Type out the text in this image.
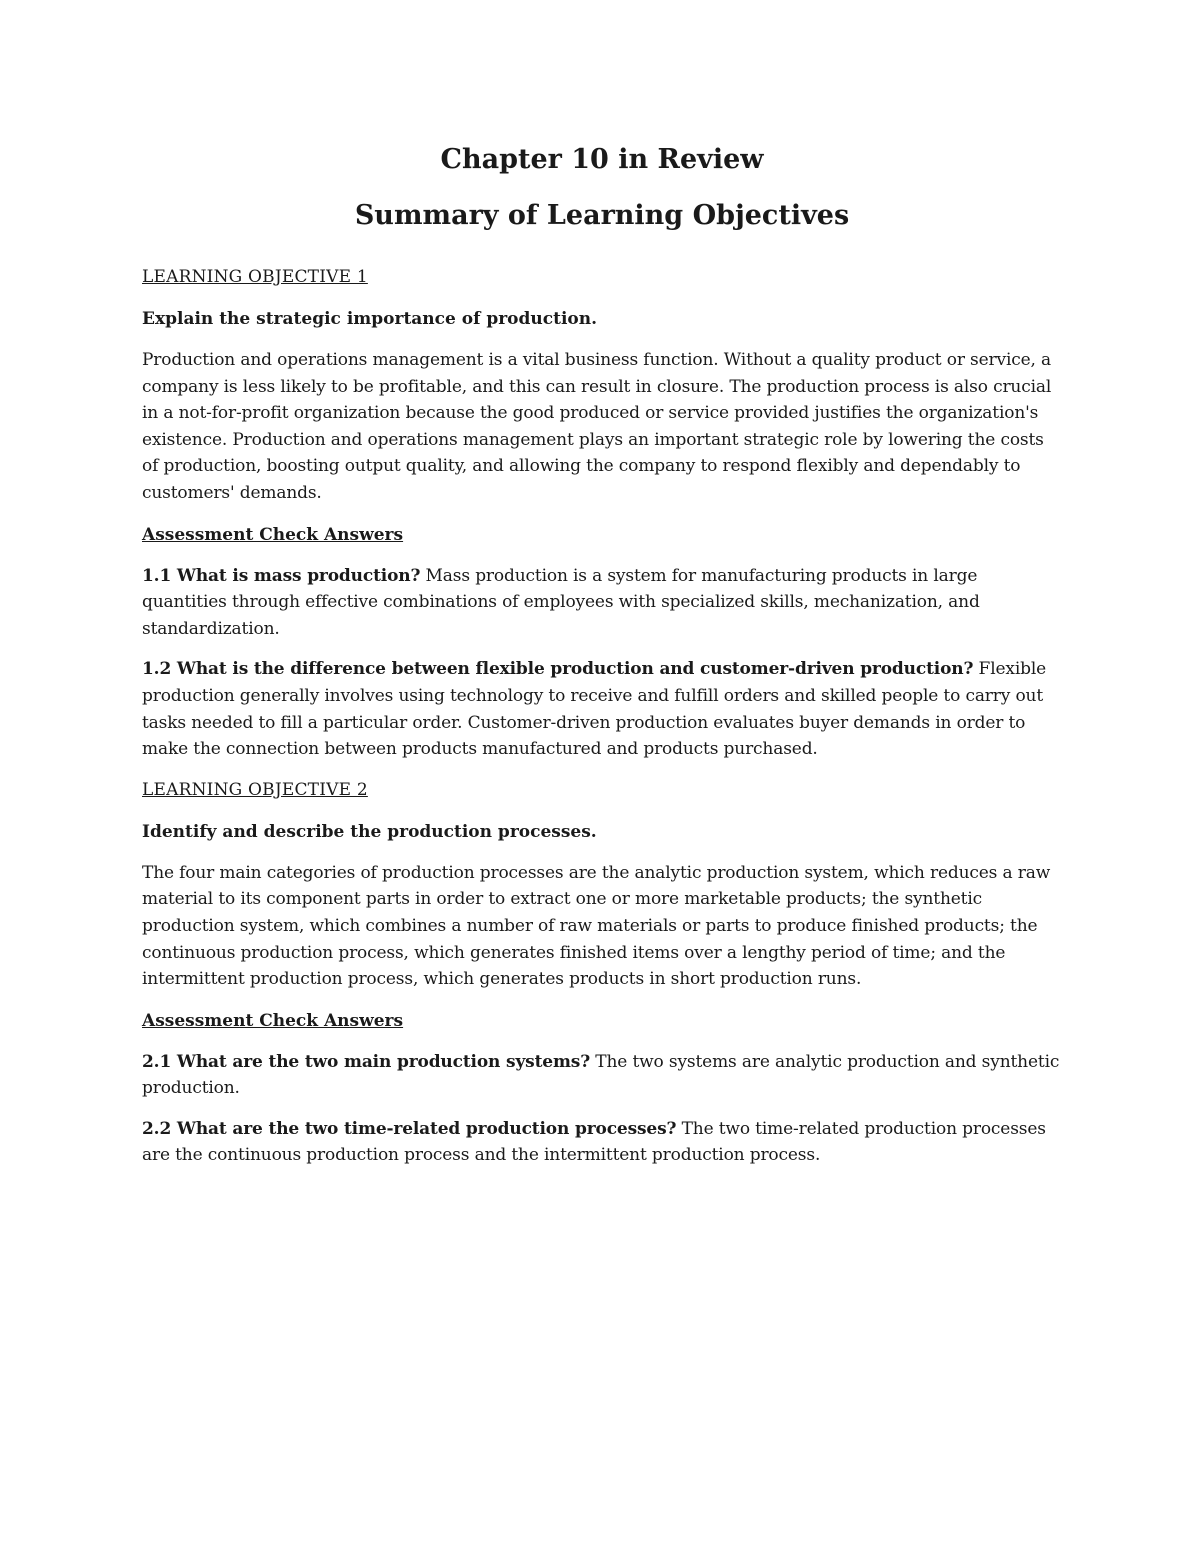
Chapter 10 in Review
Summary of Learning Objectives

LEARNING OBJECTIVE 1

Explain the strategic importance of production.

Production and operations management is a vital business function. Without a quality product or service, a company is less likely to be profitable, and this can result in closure. The production process is also crucial in a not-for-profit organization because the good produced or service provided justifies the organization's existence. Production and operations management plays an important strategic role by lowering the costs of production, boosting output quality, and allowing the company to respond flexibly and dependably to customers' demands.

Assessment Check Answers

1.1 What is mass production? Mass production is a system for manufacturing products in large quantities through effective combinations of employees with specialized skills, mechanization, and standardization.

1.2 What is the difference between flexible production and customer-driven production? Flexible production generally involves using technology to receive and fulfill orders and skilled people to carry out tasks needed to fill a particular order. Customer-driven production evaluates buyer demands in order to make the connection between products manufactured and products purchased.

LEARNING OBJECTIVE 2

Identify and describe the production processes.

The four main categories of production processes are the analytic production system, which reduces a raw material to its component parts in order to extract one or more marketable products; the synthetic production system, which combines a number of raw materials or parts to produce finished products; the continuous production process, which generates finished items over a lengthy period of time; and the intermittent production process, which generates products in short production runs.

Assessment Check Answers

2.1 What are the two main production systems? The two systems are analytic production and synthetic production.

2.2 What are the two time-related production processes? The two time-related production processes are the continuous production process and the intermittent production process.
